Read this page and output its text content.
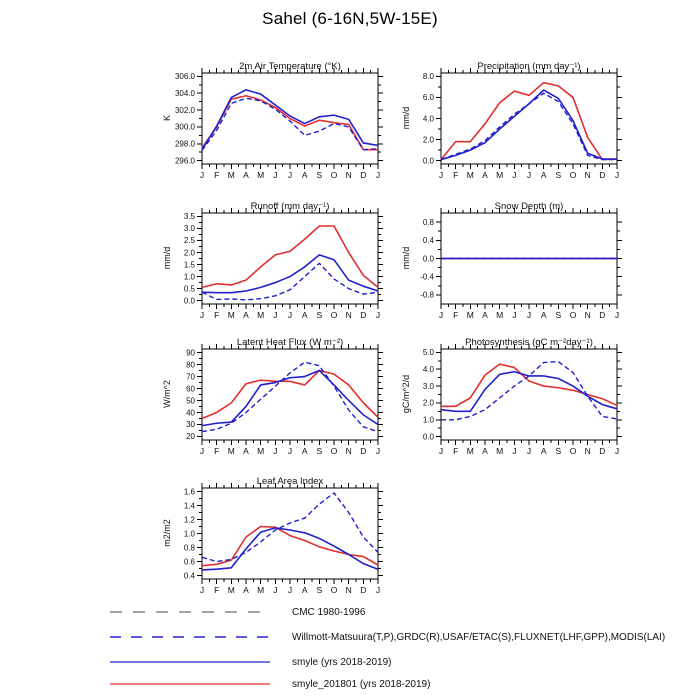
Sahel (6-16N,5W-15E)
2m Air Temperature (°K)
K
296.0
298.0
300.0
302.0
304.0
306.0
J F M A M J J A S O N D J
Precipitation (mm day⁻¹)
mm/d
0.0
2.0
4.0
6.0
8.0
J F M A M J J A S O N D J
Runoff (mm day⁻¹)
mm/d
0.0
0.5
1.0
1.5
2.0
2.5
3.0
3.5
J F M A M J J A S O N D J
Snow Depth (m)
mm/d
-0.8
-0.4
0.0
0.4
0.8
J F M A M J J A S O N D J
Latent Heat Flux (W m⁻²)
W/m^2
20
30
40
50
60
70
80
90
J F M A M J J A S O N D J
Photosynthesis (gC m⁻²day⁻¹)
gC/m^2/d
0.0
1.0
2.0
3.0
4.0
5.0
J F M A M J J A S O N D J
Leaf Area Index
m2/m2
0.4
0.6
0.8
1.0
1.2
1.4
1.6
J F M A M J J A S O N D J
CMC 1980-1996
Willmott-Matsuura(T,P),GRDC(R),USAF/ETAC(S),FLUXNET(LHF,GPP),MODIS(LAI)
smyle (yrs 2018-2019)
smyle_201801 (yrs 2018-2019)
